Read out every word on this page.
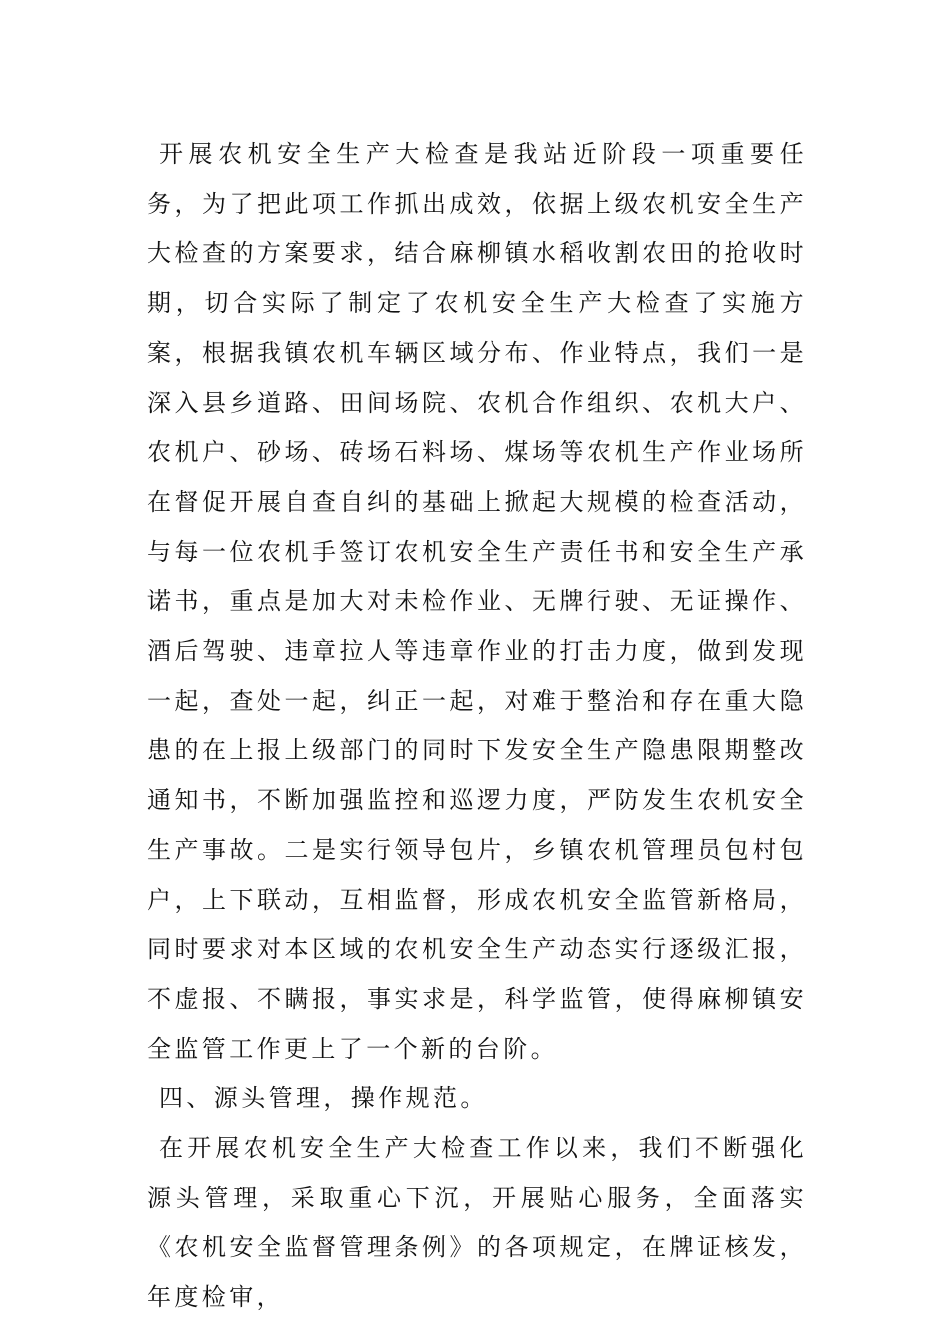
开展农机安全生产大检查是我站近阶段一项重要任务，为了把此项工作抓出成效，依据上级农机安全生产大检查的方案要求，结合麻柳镇水稻收割农田的抢收时期，切合实际了制定了农机安全生产大检查了实施方案，根据我镇农机车辆区域分布、作业特点，我们一是深入县乡道路、田间场院、农机合作组织、农机大户、农机户、砂场、砖场石料场、煤场等农机生产作业场所在督促开展自查自纠的基础上掀起大规模的检查活动，与每一位农机手签订农机安全生产责任书和安全生产承诺书，重点是加大对未检作业、无牌行驶、无证操作、酒后驾驶、违章拉人等违章作业的打击力度，做到发现一起，查处一起，纠正一起，对难于整治和存在重大隐患的在上报上级部门的同时下发安全生产隐患限期整改通知书，不断加强监控和巡逻力度，严防发生农机安全生产事故。二是实行领导包片，乡镇农机管理员包村包户，上下联动，互相监督，形成农机安全监管新格局，同时要求对本区域的农机安全生产动态实行逐级汇报，不虚报、不瞒报，事实求是，科学监管，使得麻柳镇安全监管工作更上了一个新的台阶。

四、源头管理，操作规范。

在开展农机安全生产大检查工作以来，我们不断强化源头管理，采取重心下沉，开展贴心服务，全面落实《农机安全监督管理条例》的各项规定，在牌证核发，年度检审，
